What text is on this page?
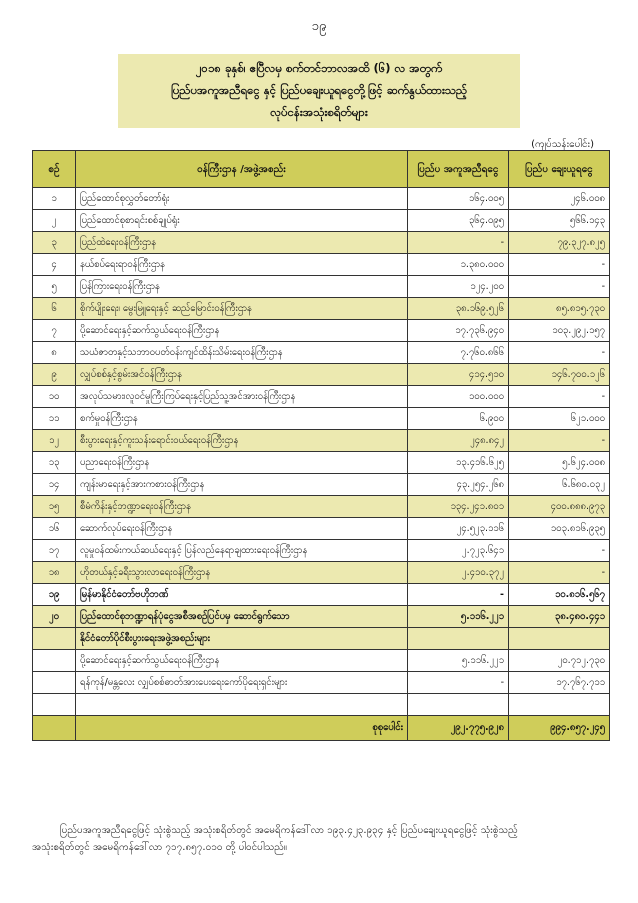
၁၉
၂၀၁၈ ခုနှစ်၊ ဧပြီလမှ စက်တင်ဘာလအထိ (၆) လ အတွက်
ပြည်ပအကူအညီရငွေ နှင့် ပြည်ပချေးယူရငွေတို့ဖြင့် ဆက်နွယ်ထားသည့်
လုပ်ငန်းအသုံးစရိတ်များ
(ကျပ်သန်းပေါင်း)
စဉ်	ဝန်ကြီးဌာန /အဖွဲ့အစည်း	ပြည်ပ အကူအညီရငွေ	ပြည်ပ ချေးယူရငွေ
၁	ပြည်ထောင်စုလွှတ်တော်ရုံး	၁၆၄.၀၀၅	၂၄၆.၀၀၈
၂	ပြည်ထောင်စုစာရင်းစစ်ချုပ်ရုံး	၃၆၄.၀၉၅	၅၆၆.၁၄၃
၃	ပြည်ထဲရေးဝန်ကြီးဌာန	-	၇၉.၃၂၇.၈၂၅
၄	နယ်စပ်ရေးရာဝန်ကြီးဌာန	၁.၃၈၀.၀၀၀	-
၅	ပြန်ကြားရေးဝန်ကြီးဌာန	၁၂၄.၂၀၀	-
၆	စိုက်ပျိုးရေး၊ မွေးမြူရေးနှင့် ဆည်မြောင်းဝန်ကြီးဌာန	၃၈.၁၆၉.၅၂၆	၈၅.၈၁၅.၇၃၀
၇	ပို့ဆောင်ရေးနှင့်ဆက်သွယ်ရေးဝန်ကြီးဌာန	၁၇.၇၃၆.၉၄၀	၁၀၃.၂၉၂.၁၅၇
၈	သယံဇာတနှင့်သဘာဝပတ်ဝန်းကျင်ထိန်းသိမ်းရေးဝန်ကြီးဌာန	၇.၇၆၀.၈၆၆	-
၉	လျှပ်စစ်နှင့်စွမ်းအင်ဝန်ကြီးဌာန	၄၁၄.၅၁၀	၁၄၆.၇၀၀.၁၂၆
၁၀	အလုပ်သမား၊လူဝင်မှုကြီးကြပ်ရေးနှင့်ပြည်သူ့အင်အားဝန်ကြီးဌာန	၁၀၀.၀၀၀	-
၁၁	စက်မှုဝန်ကြီးဌာန	၆.၉၀၀	၆၂၁.၀၀၀
၁၂	စီးပွားရေးနှင့်ကူးသန်းရောင်းဝယ်ရေးဝန်ကြီးဌာန	၂၄၈.၈၄၂	-
၁၃	ပညာရေးဝန်ကြီးဌာန	၁၃.၄၁၆.၆၂၅	၅.၆၂၄.၀၀၈
၁၄	ကျန်းမာရေးနှင့်အားကစားဝန်ကြီးဌာန	၄၃.၂၅၄.၂၆၈	၆.၆၈၀.၀၃၂
၁၅	စီမံကိန်းနှင့်ဘဏ္ဍာရေးဝန်ကြီးဌာန	၁၃၄.၂၄၁.၈၀၁	၄၀၀.၈၈၈.၉၇၃
၁၆	ဆောက်လုပ်ရေးဝန်ကြီးဌာန	၂၄.၅၂၃.၁၁၆	၁၀၃.၈၁၆.၉၃၅
၁၇	လူမှုဝန်ထမ်းကယ်ဆယ်ရေးနှင့် ပြန်လည်နေရာချထားရေးဝန်ကြီးဌာန	၂.၇၂၃.၆၄၁	-
၁၈	ဟိုတယ်နှင့်ခရီးသွားလာရေးဝန်ကြီးဌာန	၂.၄၁၀.၃၇၂	-
၁၉	မြန်မာနိုင်ငံတော်ဗဟိုဘဏ်	-	၁၀.၈၁၆.၅၆၇
၂၀	ပြည်ထောင်စုဘဏ္ဍာရန်ပုံငွေအစီအစဉ်ပြင်ပမှ ဆောင်ရွက်သော	၅.၁၁၆.၂၂၁	၃၈.၄၈၀.၄၄၁
	နိုင်ငံတော်ပိုင်စီးပွားရေးအဖွဲ့အစည်းများ		
	ပို့ဆောင်ရေးနှင့်ဆက်သွယ်ရေးဝန်ကြီးဌာန	၅.၁၁၆.၂၂၁	၂၀.၇၁၂.၇၃၀
	ရန်ကုန်/မန္တလေး လျှပ်စစ်ဓာတ်အားပေးရေးကော်ပိုရေးရှင်းများ	-	၁၇.၇၆၇.၇၁၁

	စုစုပေါင်း	၂၉၂.၇၇၅.၉၂၈	၉၉၄.၈၅၇.၂၄၅

ပြည်ပအကူအညီရငွေဖြင့် သုံးစွဲသည့် အသုံးစရိတ်တွင် အမေရိကန်ဒေါ်လာ ၁၉၃.၄၂၃.၉၃၄ နှင့် ပြည်ပချေးယူရငွေဖြင့် သုံးစွဲသည့်

အသုံးစရိတ်တွင် အမေရိကန်ဒေါ်လာ ၇၁၇.၈၅၇.၀၁၀ တို့ ပါဝင်ပါသည်။
